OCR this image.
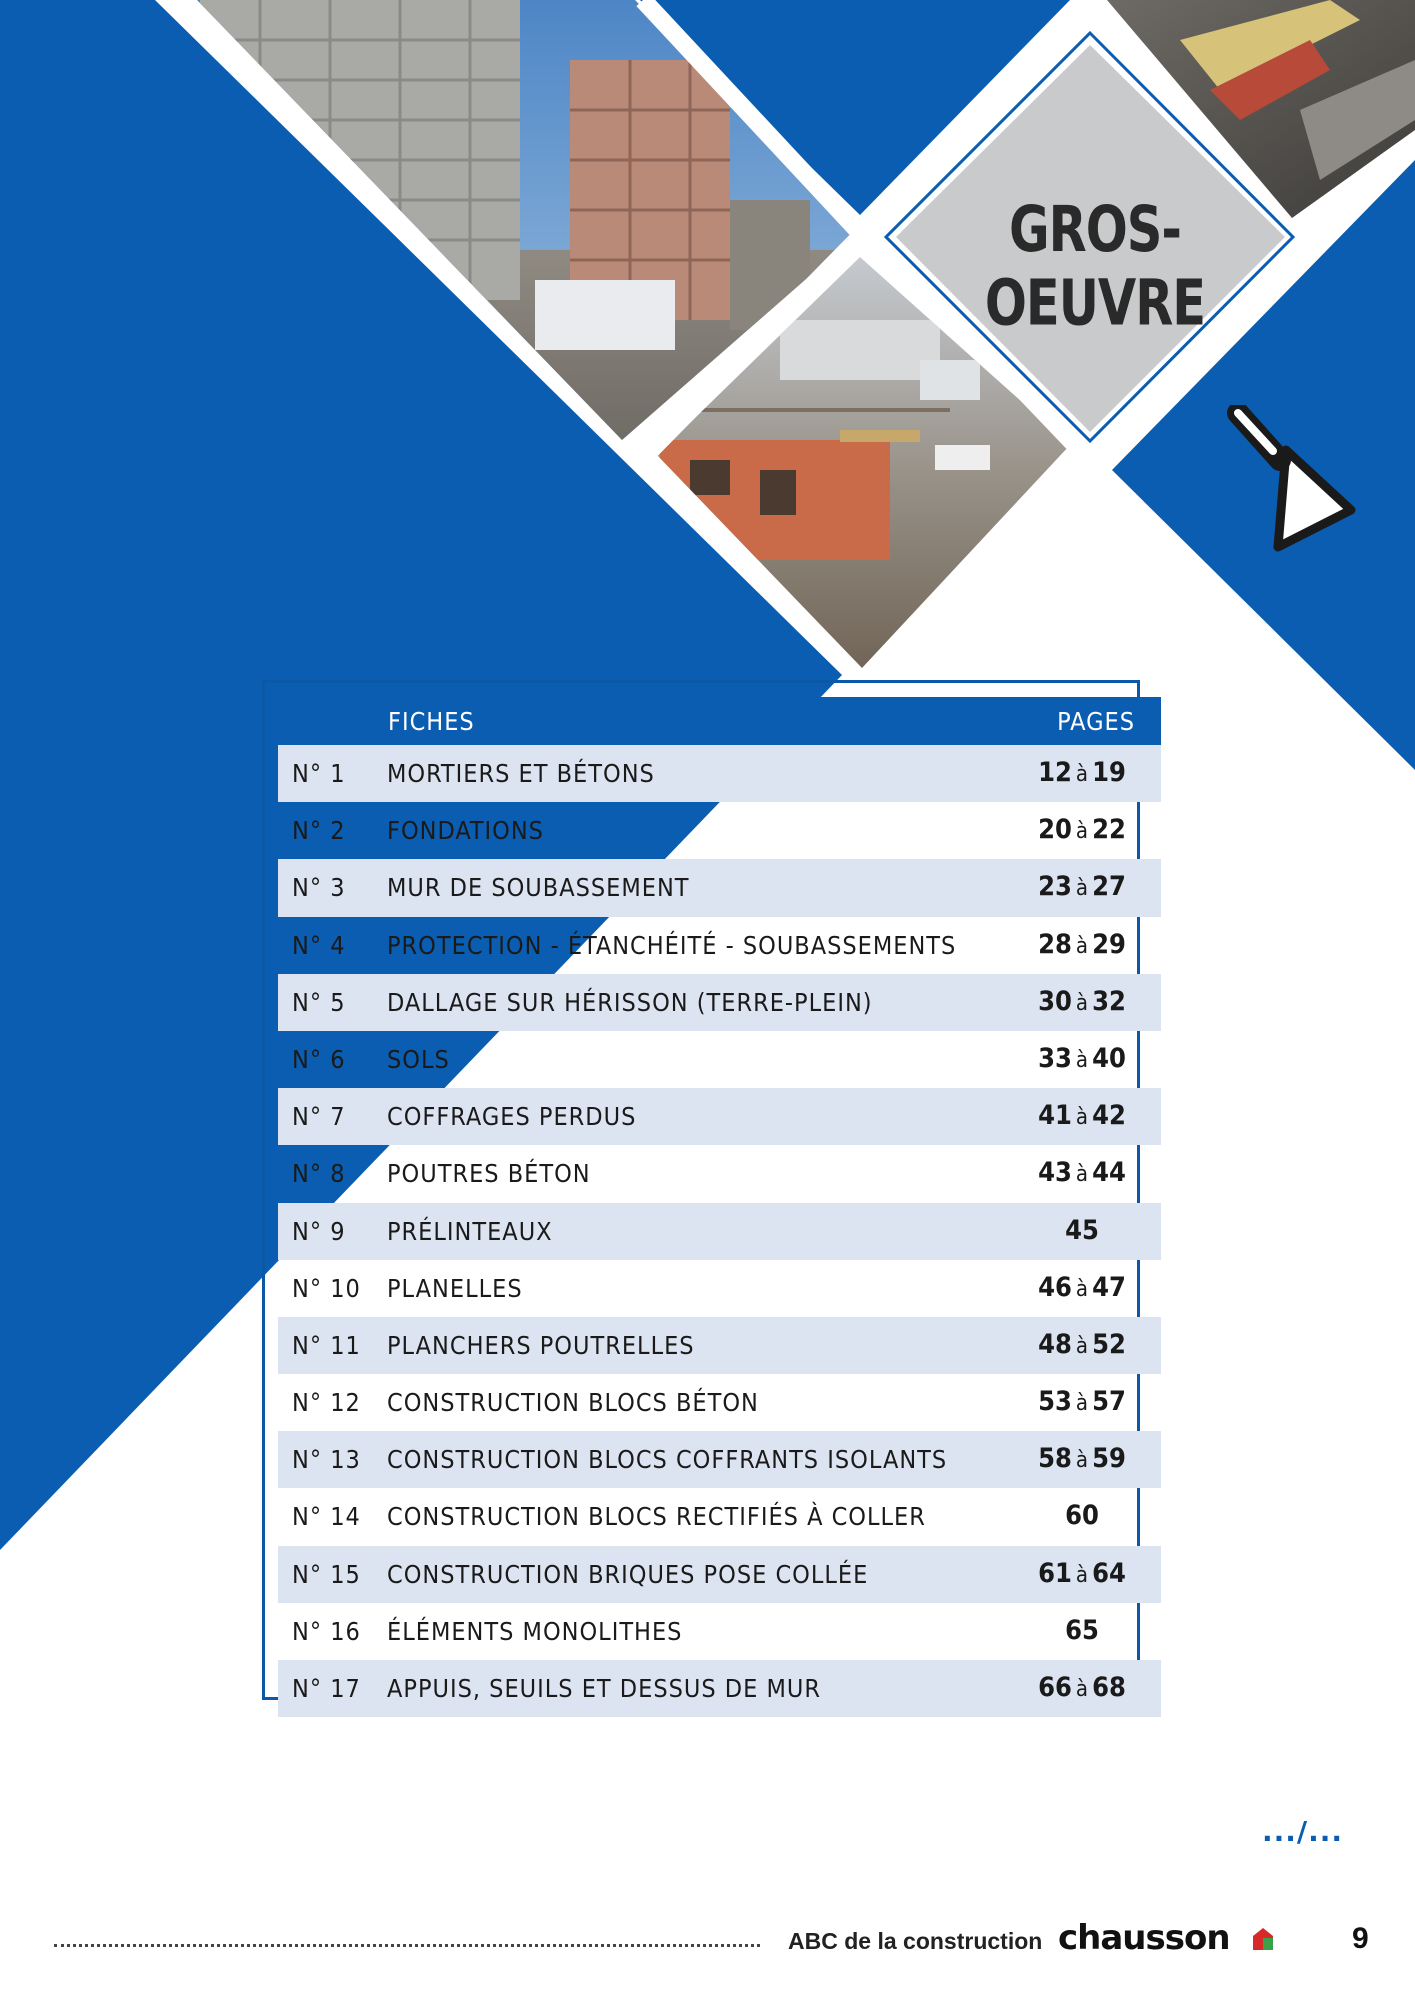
GROS-OEUVRE
FICHES	PAGES
N° 1 MORTIERS ET BÉTONS	12 à 19
N° 2 FONDATIONS	20 à 22
N° 3 MUR DE SOUBASSEMENT	23 à 27
N° 4 PROTECTION - ÉTANCHÉITÉ - SOUBASSEMENTS	28 à 29
N° 5 DALLAGE SUR HÉRISSON (TERRE-PLEIN)	30 à 32
N° 6 SOLS	33 à 40
N° 7 COFFRAGES PERDUS	41 à 42
N° 8 POUTRES BÉTON	43 à 44
N° 9 PRÉLINTEAUX	45
N° 10 PLANELLES	46 à 47
N° 11 PLANCHERS POUTRELLES	48 à 52
N° 12 CONSTRUCTION BLOCS BÉTON	53 à 57
N° 13 CONSTRUCTION BLOCS COFFRANTS ISOLANTS	58 à 59
N° 14 CONSTRUCTION BLOCS RECTIFIÉS À COLLER	60
N° 15 CONSTRUCTION BRIQUES POSE COLLÉE	61 à 64
N° 16 ÉLÉMENTS MONOLITHES	65
N° 17 APPUIS, SEUILS ET DESSUS DE MUR	66 à 68
.../...
ABC de la construction chausson	9
